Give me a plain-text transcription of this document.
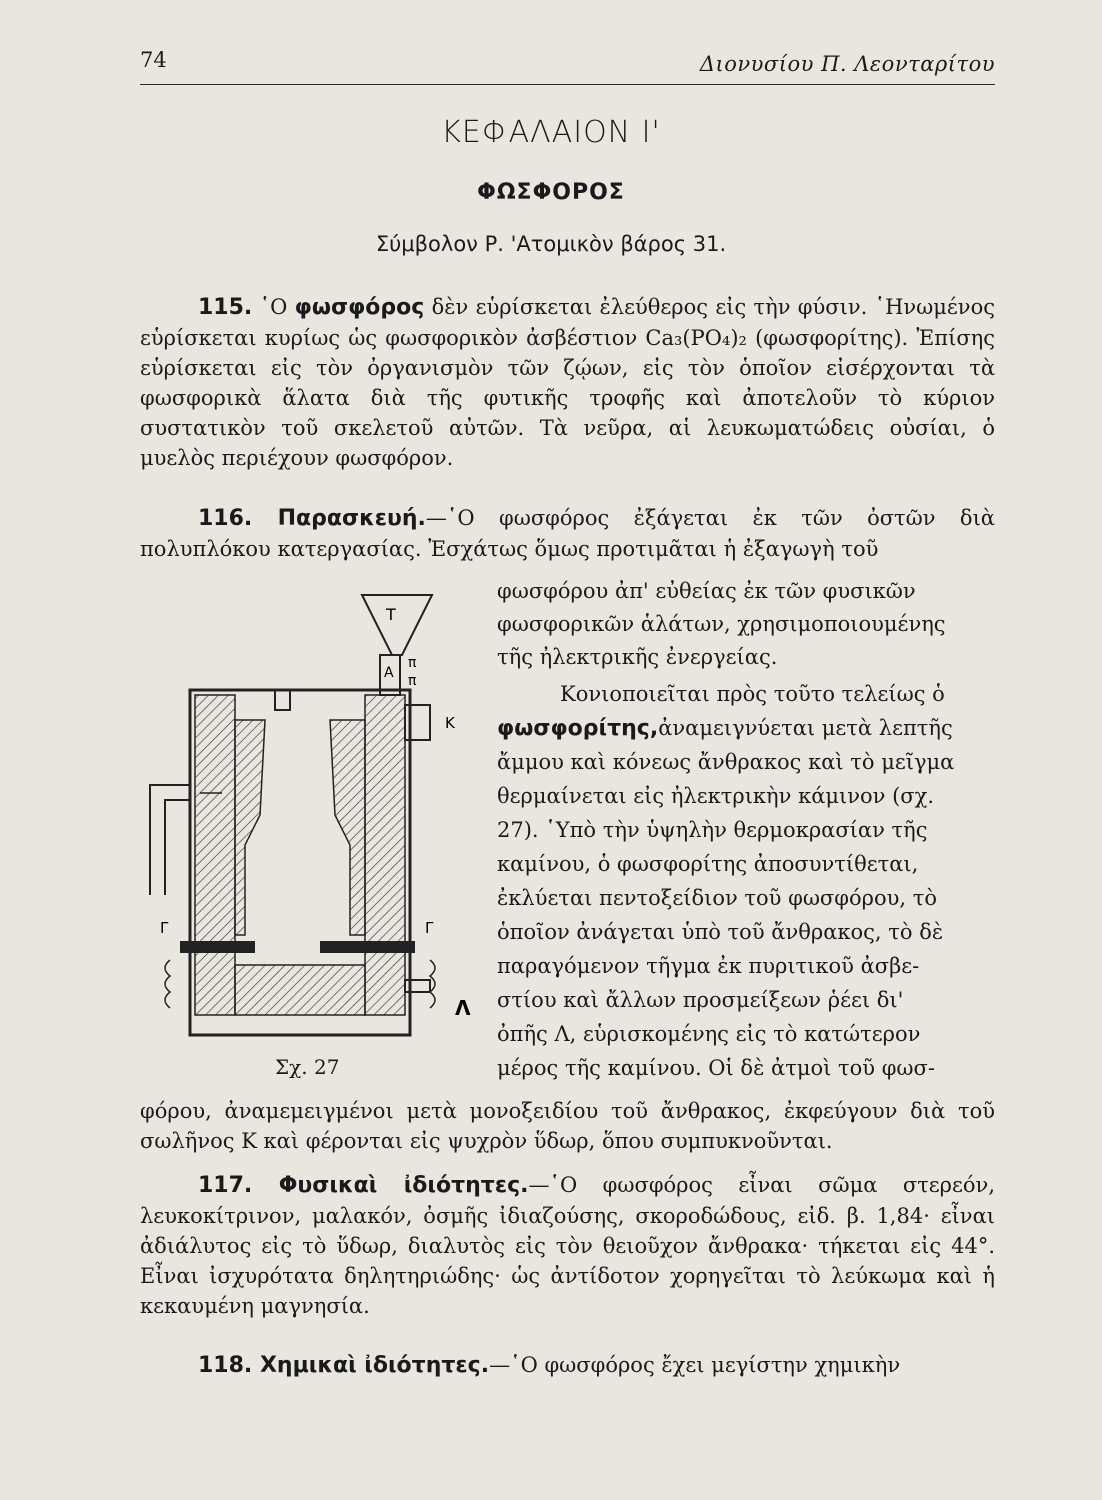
74	Διονυσίου Π. Λεονταρίτου
ΚΕΦΑΛΑΙΟΝ Ι'
ΦΩΣΦΟΡΟΣ
Σύμβολον Ρ. 'Ατομικὸν βάρος 31.
115. ῾Ο φωσφόρος δὲν εὑρίσκεται ἐλεύθερος εἰς τὴν φύσιν. ῾Ηνωμένος εὑρίσκεται κυρίως ὡς φωσφορικὸν ἀσβέστιον Ca₃(PO₄)₂ (φωσφορίτης). Ἐπίσης εὑρίσκεται εἰς τὸν ὀργανισμὸν τῶν ζῴων, εἰς τὸν ὁποῖον εἰσέρχονται τὰ φωσφορικὰ ἅλατα διὰ τῆς φυτικῆς τροφῆς καὶ ἀποτελοῦν τὸ κύριον συστατικὸν τοῦ σκελετοῦ αὐτῶν. Τὰ νεῦρα, αἱ λευκωματώδεις οὐσίαι, ὁ μυελὸς περιέχουν φωσφόρον.
116. Παρασκευή.—῾Ο φωσφόρος ἐξάγεται ἐκ τῶν ὀστῶν διὰ πολυπλόκου κατεργασίας. Ἐσχάτως ὅμως προτιμᾶται ἡ ἐξαγωγὴ τοῦ
φωσφόρου ἀπ' εὐθείας ἐκ τῶν φυσικῶν
φωσφορικῶν ἁλάτων, χρησιμοποιουμένης
τῆς ἠλεκτρικῆς ἐνεργείας.
Κονιοποιεῖται πρὸς τοῦτο τελείως ὁ
φωσφορίτης,ἀναμειγνύεται μετὰ λεπτῆς
ἄμμου καὶ κόνεως ἄνθρακος καὶ τὸ μεῖγμα
θερμαίνεται εἰς ἠλεκτρικὴν κάμινον (σχ.
27). ῾Υπὸ τὴν ὑψηλὴν θερμοκρασίαν τῆς
καμίνου, ὁ φωσφορίτης ἀποσυντίθεται,
ἐκλύεται πεντοξείδιον τοῦ φωσφόρου, τὸ
ὁποῖον ἀνάγεται ὑπὸ τοῦ ἄνθρακος, τὸ δὲ
παραγόμενον τῆγμα ἐκ πυριτικοῦ ἀσβε-
στίου καὶ ἄλλων προσμείξεων ῥέει δι'
ὀπῆς Λ, εὑρισκομένης εἰς τὸ κατώτερον
μέρος τῆς καμίνου. Οἱ δὲ ἀτμοὶ τοῦ φωσ-
φόρου, ἀναμεμειγμένοι μετὰ μονοξειδίου τοῦ ἄνθρακος, ἐκφεύγουν διὰ τοῦ σωλῆνος Κ καὶ φέρονται εἰς ψυχρὸν ὕδωρ, ὅπου συμπυκνοῦνται.
117. Φυσικαὶ ἰδιότητες.—῾Ο φωσφόρος εἶναι σῶμα στερεόν, λευκοκίτρινον, μαλακόν, ὀσμῆς ἰδιαζούσης, σκοροδώδους, εἰδ. β. 1,84· εἶναι ἀδιάλυτος εἰς τὸ ὕδωρ, διαλυτὸς εἰς τὸν θειοῦχον ἄνθρακα· τήκεται εἰς 44°. Εἶναι ἰσχυρότατα δηλητηριώδης· ὡς ἀντίδοτον χορηγεῖται τὸ λεύκωμα καὶ ἡ κεκαυμένη μαγνησία.
118. Χημικαὶ ἰδιότητες.—῾Ο φωσφόρος ἔχει μεγίστην χημικὴν
Τ
Α
π
π
Κ
Γ	Γ
Λ
Σχ. 27
